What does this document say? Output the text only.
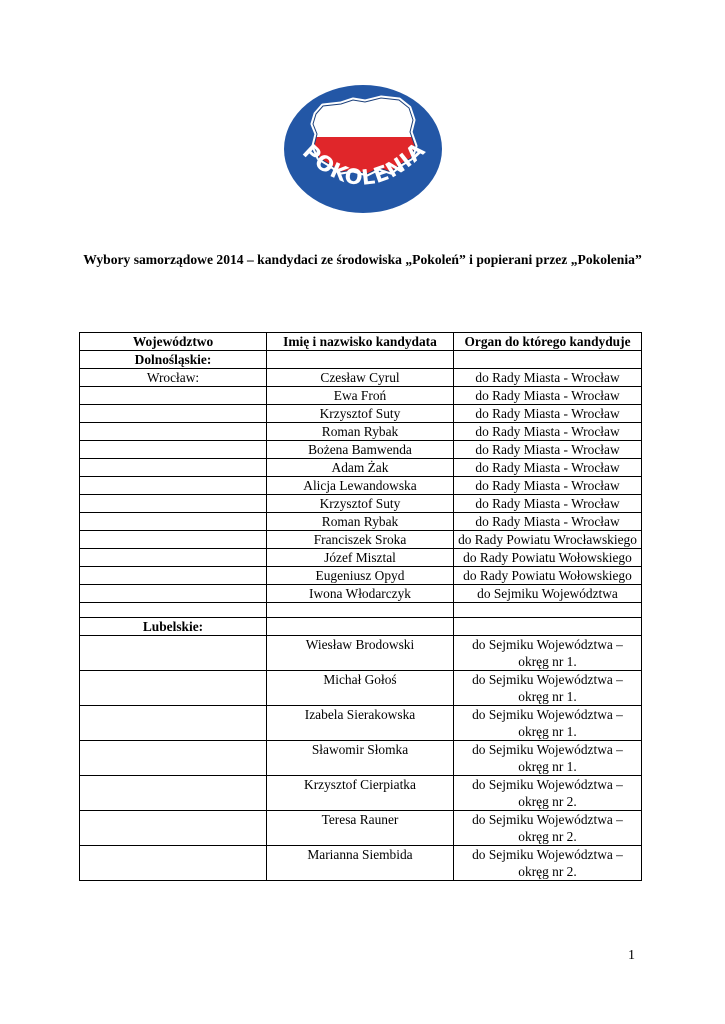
POKOLENIA
Wybory samorządowe 2014 – kandydaci ze środowiska „Pokoleń” i popierani przez „Pokolenia”
Województwo	Imię i nazwisko kandydata	Organ do którego kandyduje
Dolnośląskie:		
Wrocław:	Czesław Cyrul	do Rady Miasta - Wrocław
	Ewa Froń	do Rady Miasta - Wrocław
	Krzysztof Suty	do Rady Miasta - Wrocław
	Roman Rybak	do Rady Miasta - Wrocław
	Bożena Bamwenda	do Rady Miasta - Wrocław
	Adam Żak	do Rady Miasta - Wrocław
	Alicja Lewandowska	do Rady Miasta - Wrocław
	Krzysztof Suty	do Rady Miasta - Wrocław
	Roman Rybak	do Rady Miasta - Wrocław
	Franciszek Sroka	do Rady Powiatu Wrocławskiego
	Józef Misztal	do Rady Powiatu Wołowskiego
	Eugeniusz Opyd	do Rady Powiatu Wołowskiego
	Iwona Włodarczyk	do Sejmiku Województwa

Lubelskie:		
	Wiesław Brodowski	do Sejmiku Województwa – okręg nr 1.
	Michał Gołoś	do Sejmiku Województwa – okręg nr 1.
	Izabela Sierakowska	do Sejmiku Województwa – okręg nr 1.
	Sławomir Słomka	do Sejmiku Województwa – okręg nr 1.
	Krzysztof Cierpiatka	do Sejmiku Województwa – okręg nr 2.
	Teresa Rauner	do Sejmiku Województwa – okręg nr 2.
	Marianna Siembida	do Sejmiku Województwa – okręg nr 2.
1
